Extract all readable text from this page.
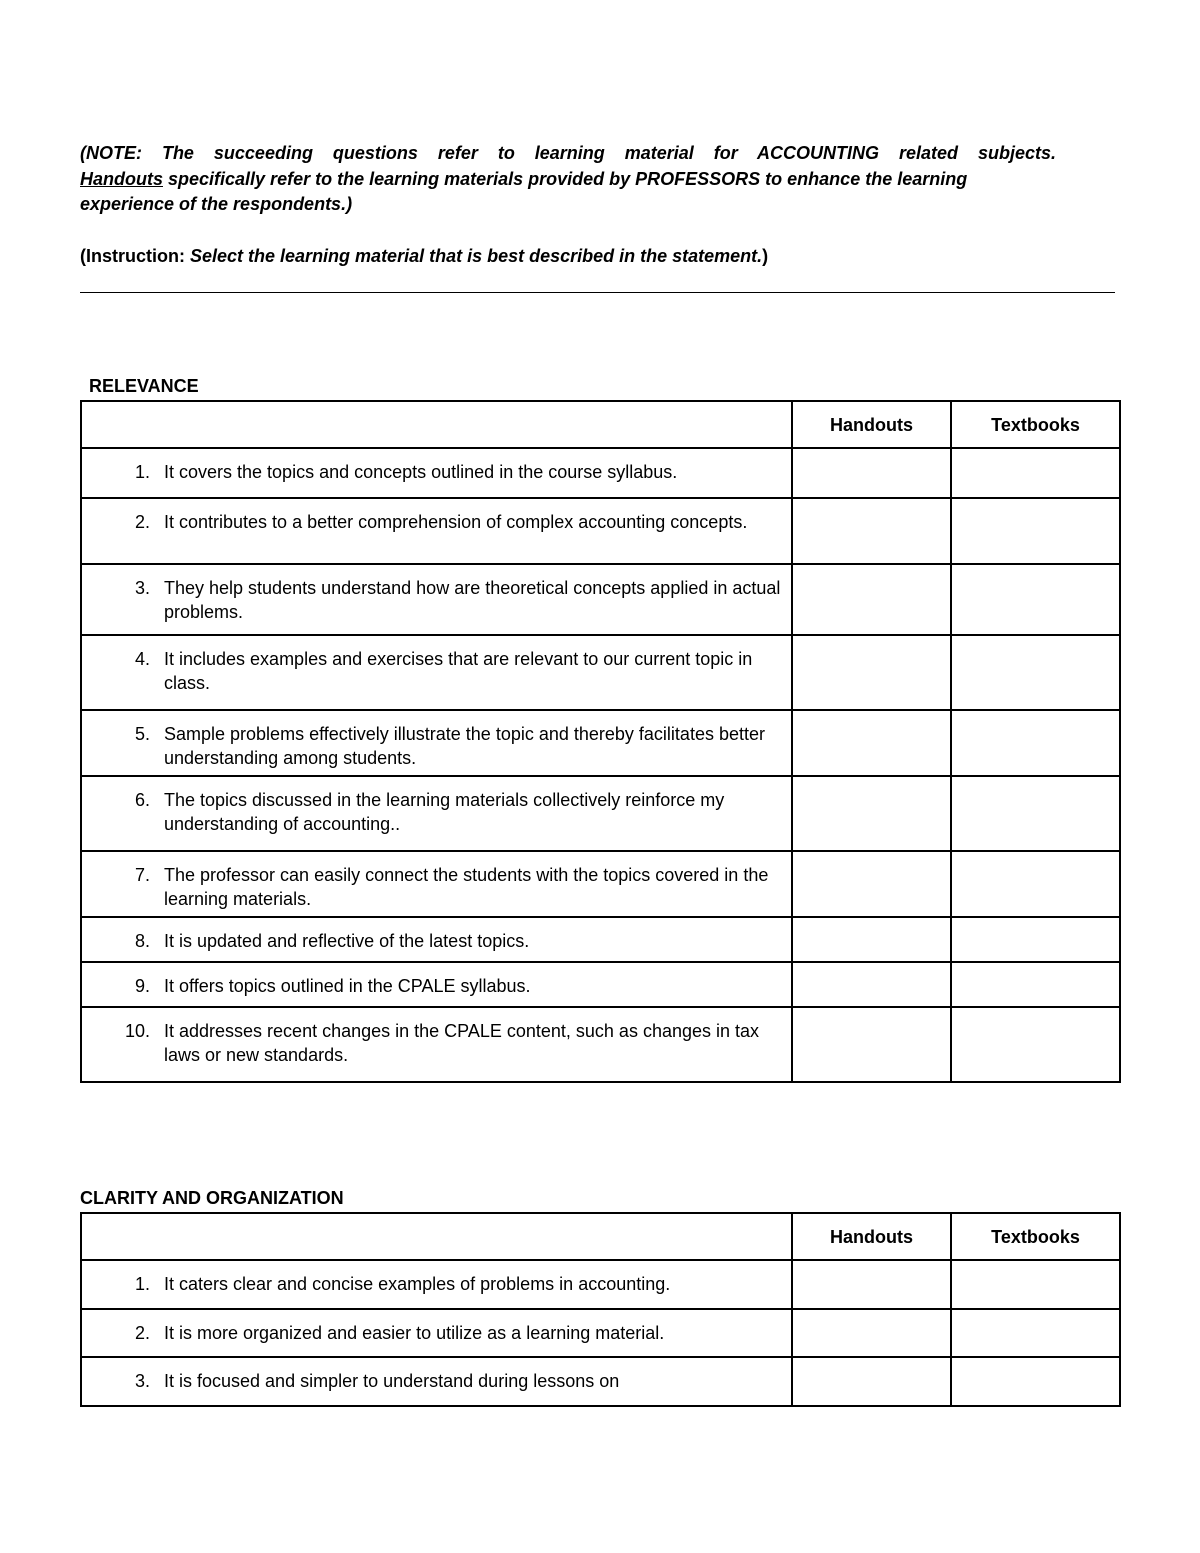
(NOTE: The succeeding questions refer to learning material for ACCOUNTING related subjects.
Handouts specifically refer to the learning materials provided by PROFESSORS to enhance the learning
experience of the respondents.)
(Instruction: Select the learning material that is best described in the statement.)
RELEVANCE
	Handouts	Textbooks

1. It covers the topics and concepts outlined in the course syllabus.		

2. It contributes to a better comprehension of complex accounting concepts.		

3. They help students understand how are theoretical concepts applied in actual problems.		

4. It includes examples and exercises that are relevant to our current topic in class.		

5. Sample problems effectively illustrate the topic and thereby facilitates better understanding among students.		

6. The topics discussed in the learning materials collectively reinforce my understanding of accounting..		

7. The professor can easily connect the students with the topics covered in the learning materials.		

8. It is updated and reflective of the latest topics.		

9. It offers topics outlined in the CPALE syllabus.		

10. It addresses recent changes in the CPALE content, such as changes in tax laws or new standards.		

CLARITY AND ORGANIZATION
	Handouts	Textbooks

1. It caters clear and concise examples of problems in accounting.		

2. It is more organized and easier to utilize as a learning material.		

3. It is focused and simpler to understand during lessons on		
